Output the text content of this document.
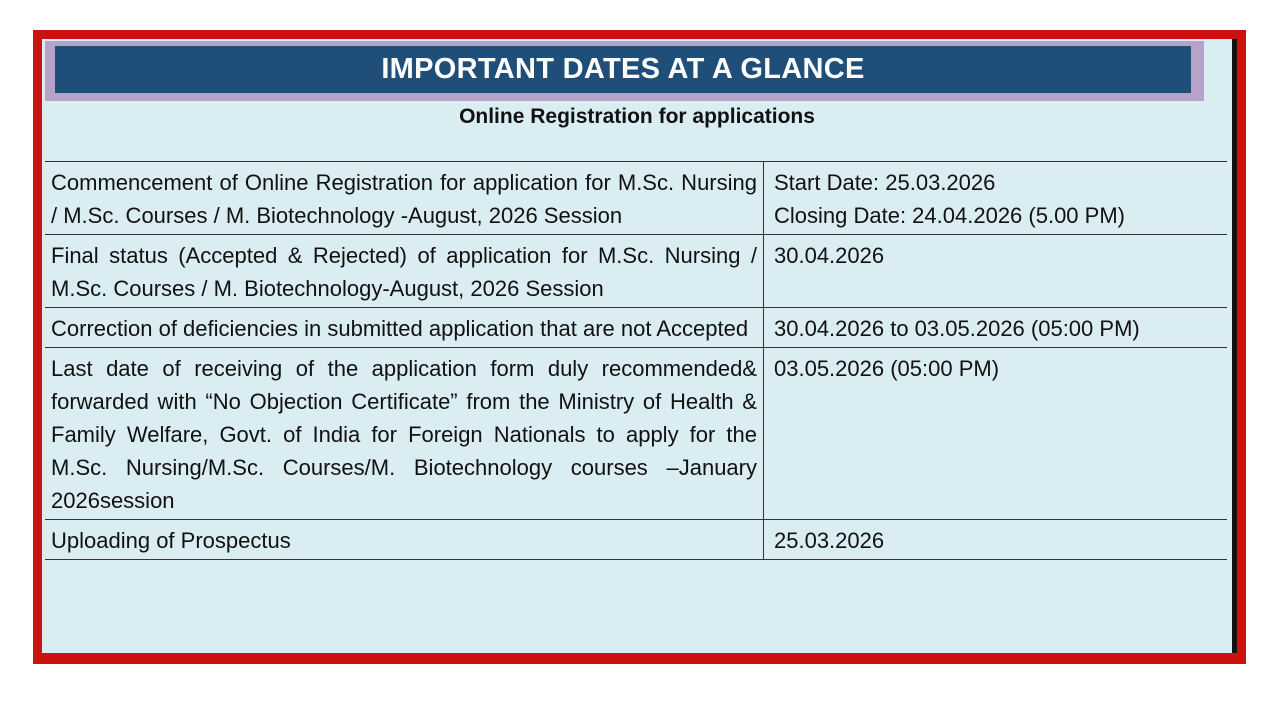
IMPORTANT DATES AT A GLANCE
Online Registration for applications
Commencement of Online Registration for application for M.Sc. Nursing / M.Sc. Courses / M. Biotechnology -August, 2026 Session	Start Date: 25.03.2026
Closing Date: 24.04.2026 (5.00 PM)

Final status (Accepted & Rejected) of application for M.Sc. Nursing / M.Sc. Courses / M. Biotechnology-August, 2026 Session	30.04.2026

Correction of deficiencies in submitted application that are not Accepted	30.04.2026 to 03.05.2026 (05:00 PM)

Last date of receiving of the application form duly recommended& forwarded with “No Objection Certificate” from the Ministry of Health & Family Welfare, Govt. of India for Foreign Nationals to apply for the M.Sc. Nursing/M.Sc. Courses/M. Biotechnology courses –January 2026session	03.05.2026 (05:00 PM)

Uploading of Prospectus	25.03.2026
